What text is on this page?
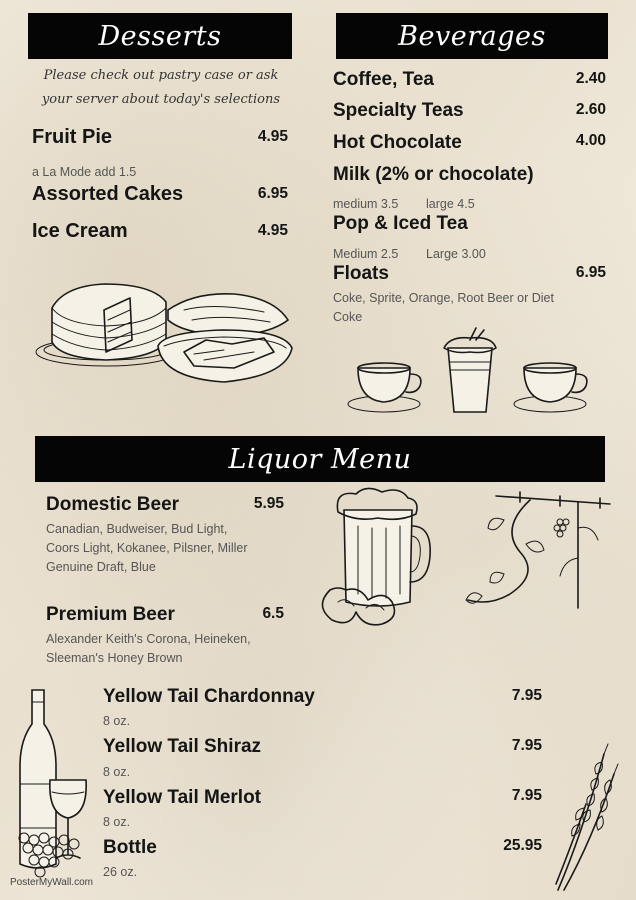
Desserts
Please check out pastry case or ask your server about today's selections
Fruit Pie	4.95
a La Mode add 1.5
Assorted Cakes	6.95
Ice Cream	4.95
Beverages
Coffee, Tea	2.40
Specialty Teas	2.60
Hot Chocolate	4.00
Milk (2% or chocolate)
medium 3.5 large 4.5
Pop & Iced Tea
Medium 2.5 Large 3.00
Floats	6.95
Coke, Sprite, Orange, Root Beer or Diet Coke
Liquor Menu
Domestic Beer	5.95
Canadian, Budweiser, Bud Light, Coors Light, Kokanee, Pilsner, Miller Genuine Draft, Blue
Premium Beer	6.5
Alexander Keith's Corona, Heineken, Sleeman's Honey Brown
Yellow Tail Chardonnay	7.95
8 oz.
Yellow Tail Shiraz	7.95
8 oz.
Yellow Tail Merlot	7.95
8 oz.
Bottle	25.95
26 oz.
PosterMyWall.com
